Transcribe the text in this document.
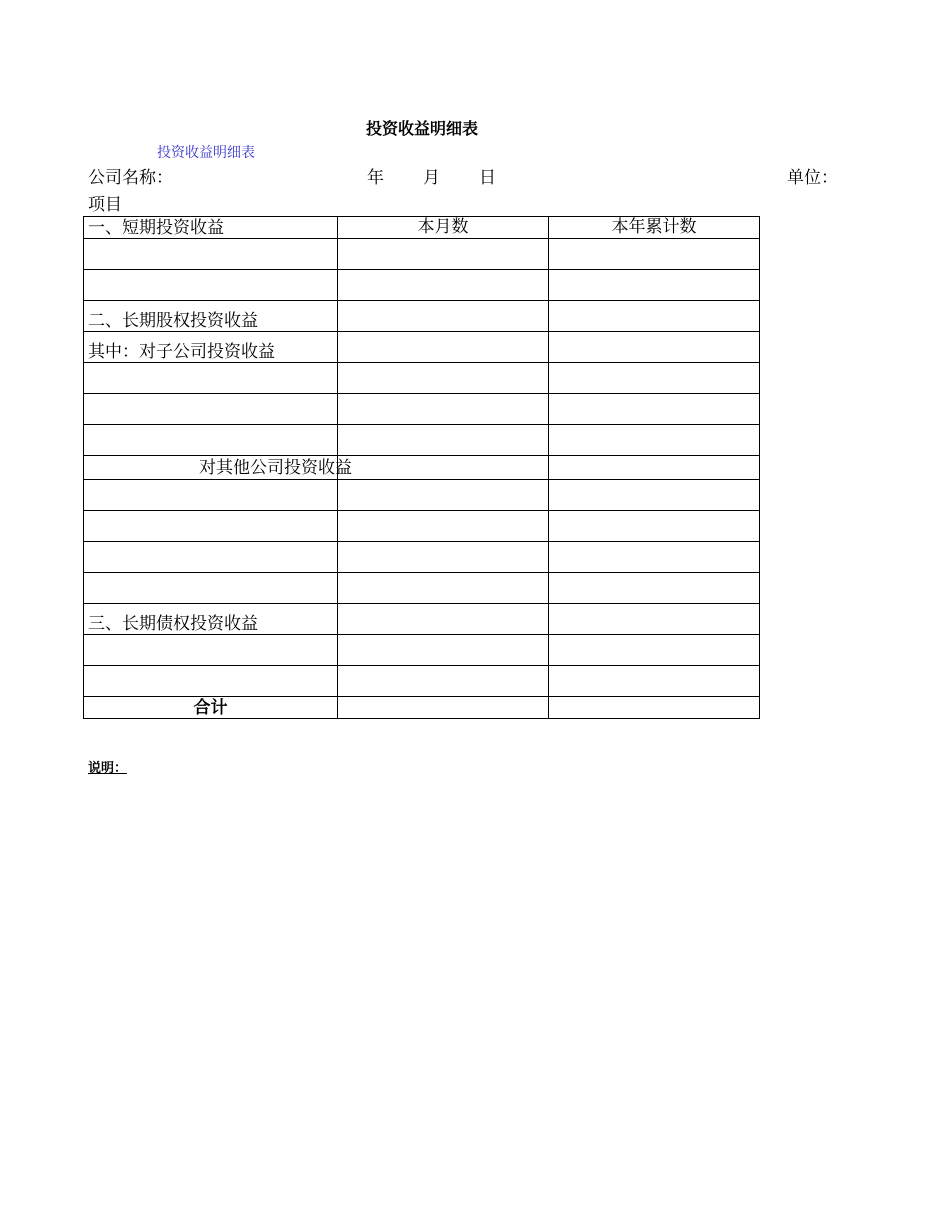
投资收益明细表
投资收益明细表
公司名称：	年 月 日	单位：
项目
一、短期投资收益	本月数	本年累计数

二、长期股权投资收益		
其中：对子公司投资收益		

对其他公司投资收益		

三、长期债权投资收益		

合计		
说明：
